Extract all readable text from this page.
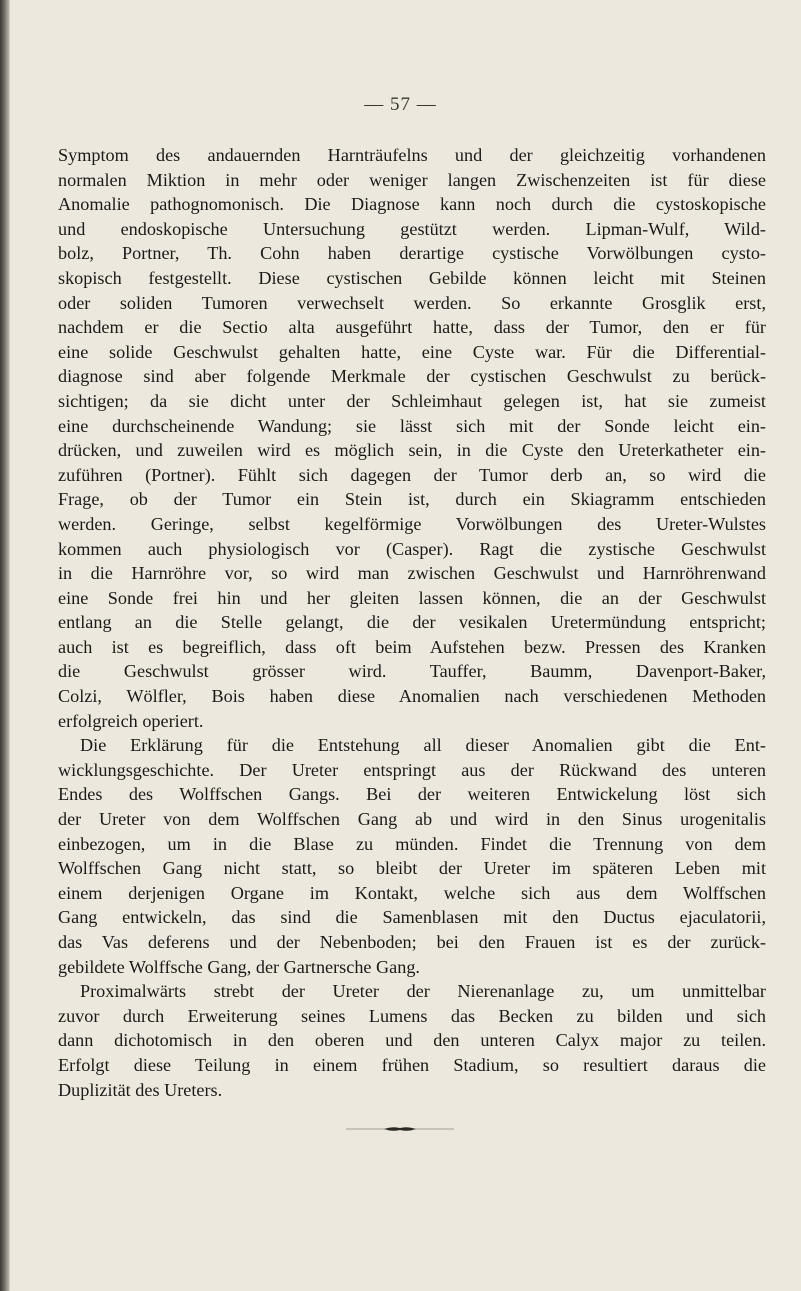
— 57 —
Symptom des andauernden Harnträufelns und der gleichzeitig vorhandenen
normalen Miktion in mehr oder weniger langen Zwischenzeiten ist für diese
Anomalie pathognomonisch. Die Diagnose kann noch durch die cystoskopische
und endoskopische Untersuchung gestützt werden. Lipman-Wulf, Wild-
bolz, Portner, Th. Cohn haben derartige cystische Vorwölbungen cysto-
skopisch festgestellt. Diese cystischen Gebilde können leicht mit Steinen
oder soliden Tumoren verwechselt werden. So erkannte Grosglik erst,
nachdem er die Sectio alta ausgeführt hatte, dass der Tumor, den er für
eine solide Geschwulst gehalten hatte, eine Cyste war. Für die Differential-
diagnose sind aber folgende Merkmale der cystischen Geschwulst zu berück-
sichtigen; da sie dicht unter der Schleimhaut gelegen ist, hat sie zumeist
eine durchscheinende Wandung; sie lässt sich mit der Sonde leicht ein-
drücken, und zuweilen wird es möglich sein, in die Cyste den Ureterkatheter ein-
zuführen (Portner). Fühlt sich dagegen der Tumor derb an, so wird die
Frage, ob der Tumor ein Stein ist, durch ein Skiagramm entschieden
werden. Geringe, selbst kegelförmige Vorwölbungen des Ureter-Wulstes
kommen auch physiologisch vor (Casper). Ragt die zystische Geschwulst
in die Harnröhre vor, so wird man zwischen Geschwulst und Harnröhrenwand
eine Sonde frei hin und her gleiten lassen können, die an der Geschwulst
entlang an die Stelle gelangt, die der vesikalen Uretermündung entspricht;
auch ist es begreiflich, dass oft beim Aufstehen bezw. Pressen des Kranken
die Geschwulst grösser wird. Tauffer, Baumm, Davenport-Baker,
Colzi, Wölfler, Bois haben diese Anomalien nach verschiedenen Methoden
erfolgreich operiert.
Die Erklärung für die Entstehung all dieser Anomalien gibt die Ent-
wicklungsgeschichte. Der Ureter entspringt aus der Rückwand des unteren
Endes des Wolffschen Gangs. Bei der weiteren Entwickelung löst sich
der Ureter von dem Wolffschen Gang ab und wird in den Sinus urogenitalis
einbezogen, um in die Blase zu münden. Findet die Trennung von dem
Wolffschen Gang nicht statt, so bleibt der Ureter im späteren Leben mit
einem derjenigen Organe im Kontakt, welche sich aus dem Wolffschen
Gang entwickeln, das sind die Samenblasen mit den Ductus ejaculatorii,
das Vas deferens und der Nebenboden; bei den Frauen ist es der zurück-
gebildete Wolffsche Gang, der Gartnersche Gang.
Proximalwärts strebt der Ureter der Nierenanlage zu, um unmittelbar
zuvor durch Erweiterung seines Lumens das Becken zu bilden und sich
dann dichotomisch in den oberen und den unteren Calyx major zu teilen.
Erfolgt diese Teilung in einem frühen Stadium, so resultiert daraus die
Duplizität des Ureters.
